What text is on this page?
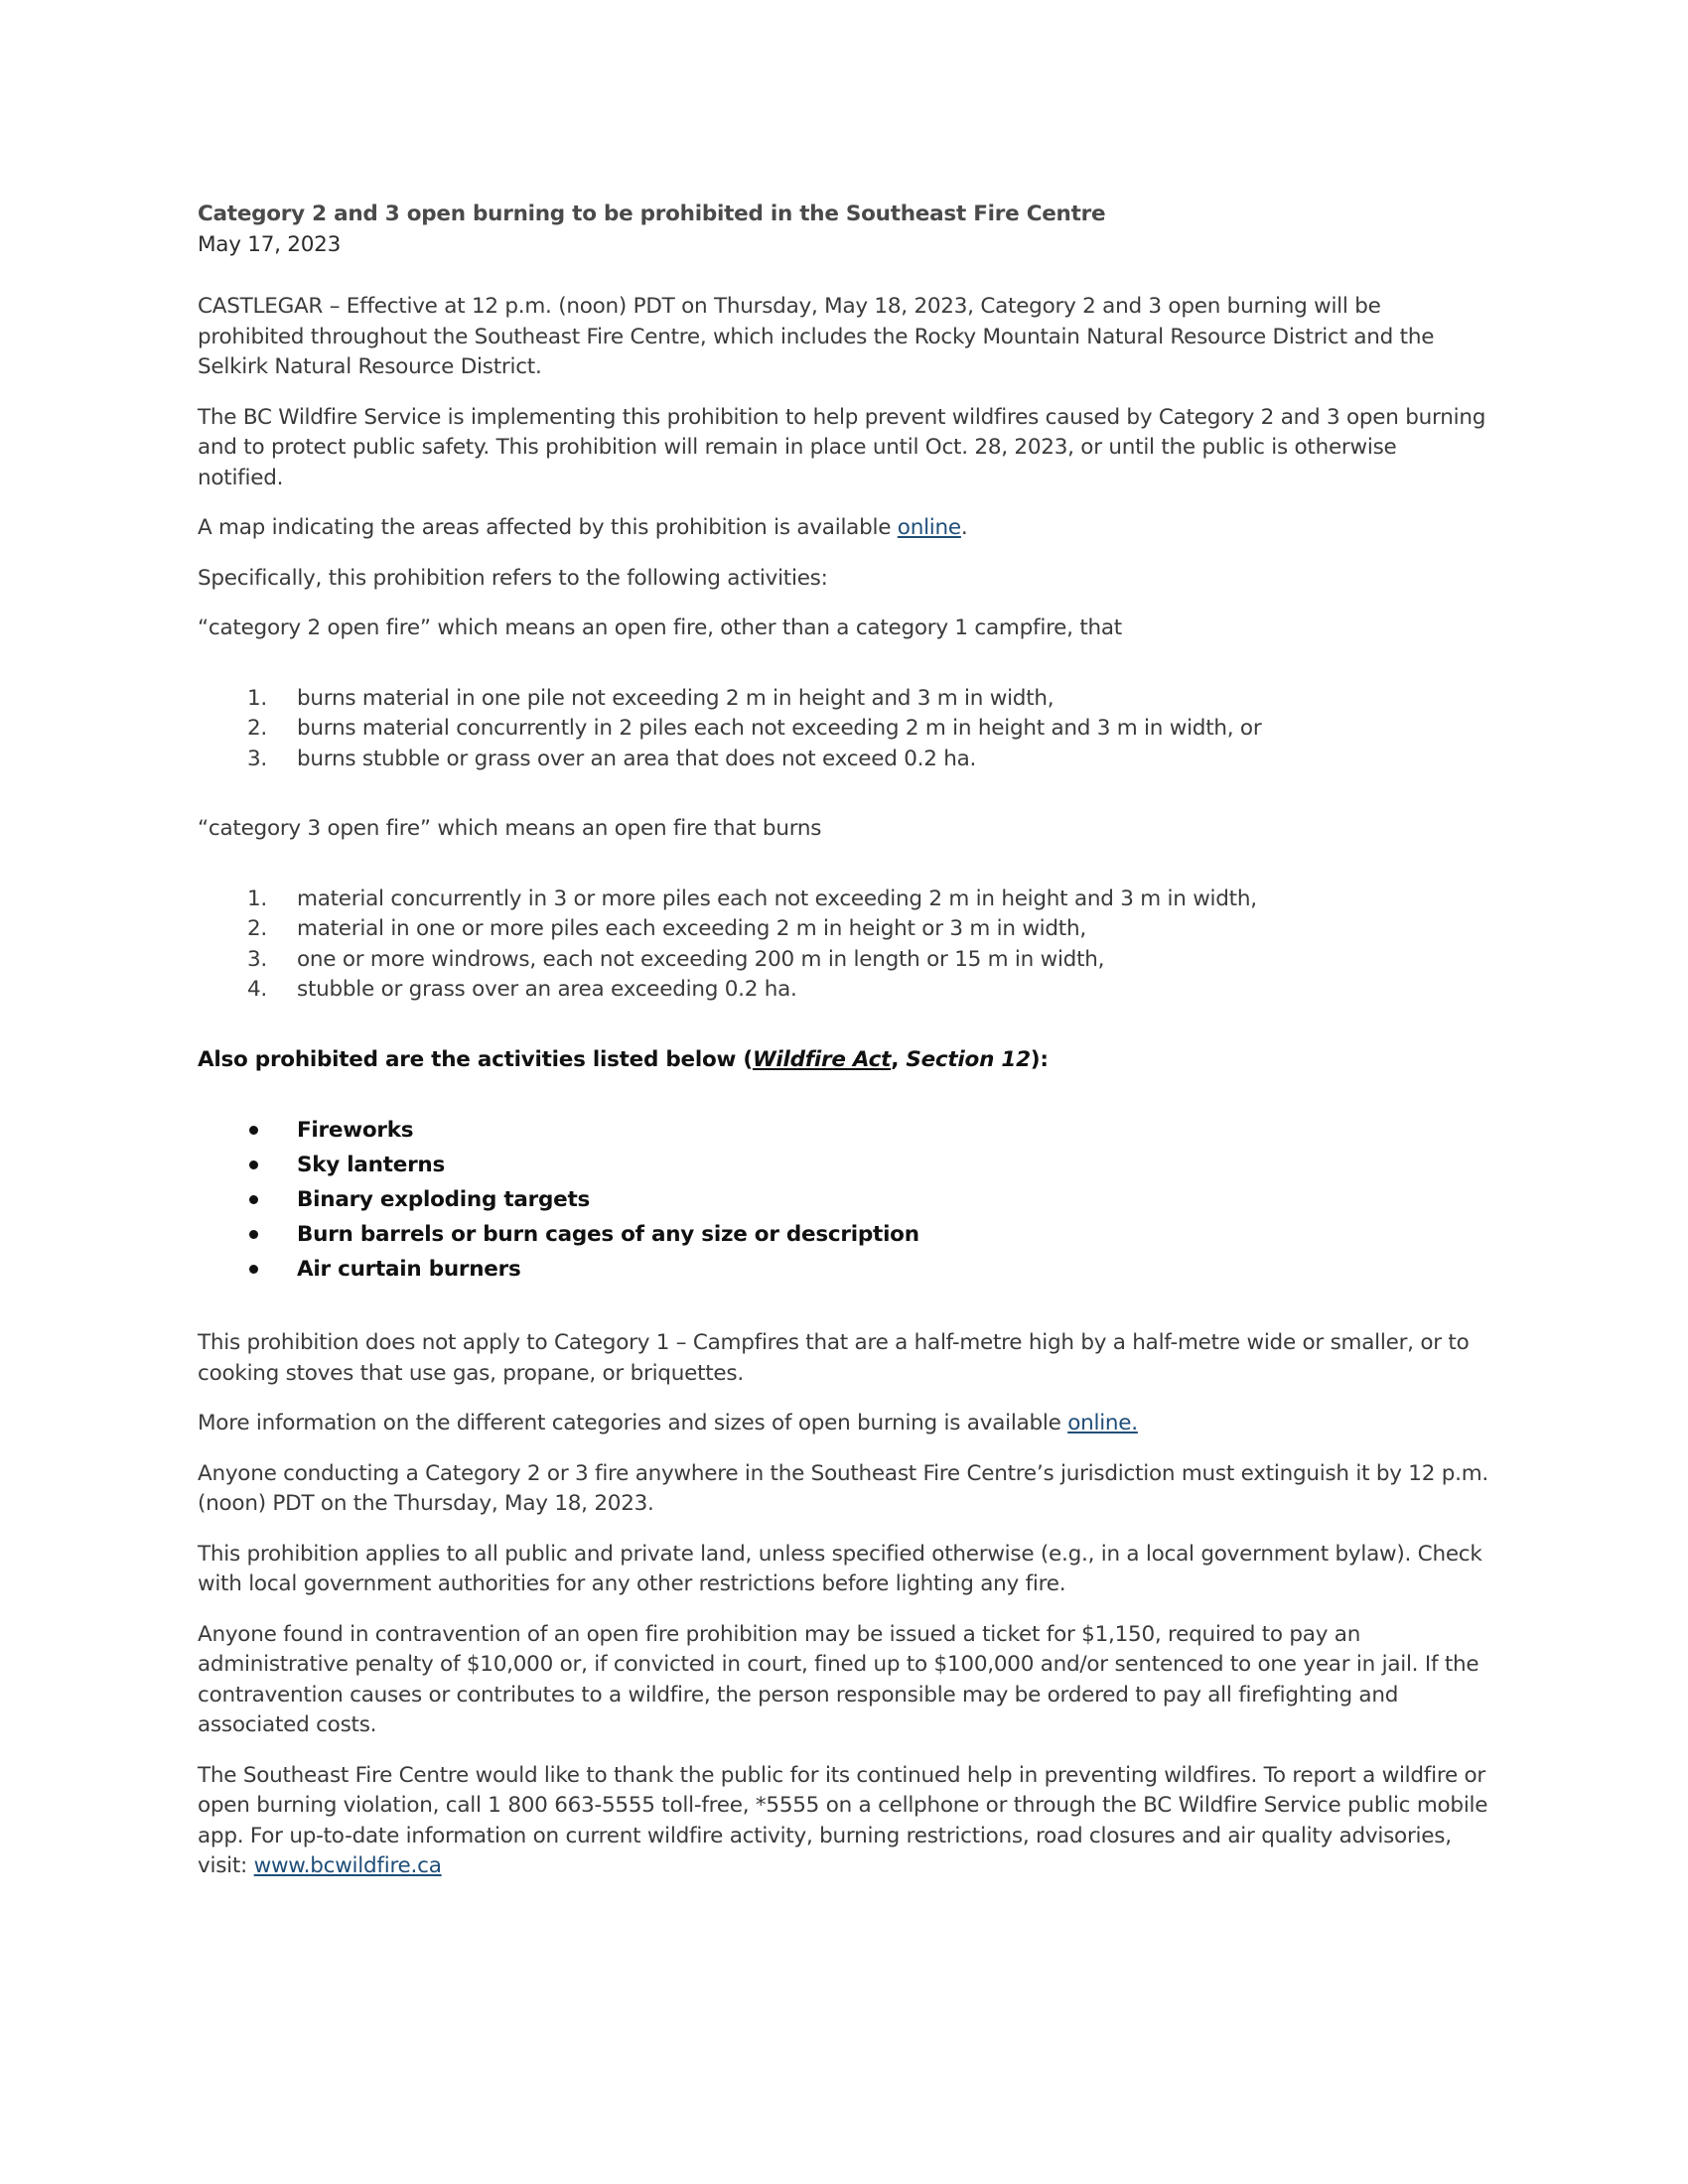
Category 2 and 3 open burning to be prohibited in the Southeast Fire Centre

May 17, 2023

CASTLEGAR – Effective at 12 p.m. (noon) PDT on Thursday, May 18, 2023, Category 2 and 3 open burning will be prohibited throughout the Southeast Fire Centre, which includes the Rocky Mountain Natural Resource District and the Selkirk Natural Resource District.

The BC Wildfire Service is implementing this prohibition to help prevent wildfires caused by Category 2 and 3 open burning and to protect public safety. This prohibition will remain in place until Oct. 28, 2023, or until the public is otherwise notified.

A map indicating the areas affected by this prohibition is available online.

Specifically, this prohibition refers to the following activities:

“category 2 open fire” which means an open fire, other than a category 1 campfire, that

1. burns material in one pile not exceeding 2 m in height and 3 m in width,
2. burns material concurrently in 2 piles each not exceeding 2 m in height and 3 m in width, or
3. burns stubble or grass over an area that does not exceed 0.2 ha.

“category 3 open fire” which means an open fire that burns

1. material concurrently in 3 or more piles each not exceeding 2 m in height and 3 m in width,
2. material in one or more piles each exceeding 2 m in height or 3 m in width,
3. one or more windrows, each not exceeding 200 m in length or 15 m in width,
4. stubble or grass over an area exceeding 0.2 ha.

Also prohibited are the activities listed below (Wildfire Act, Section 12):

Fireworks
Sky lanterns
Binary exploding targets
Burn barrels or burn cages of any size or description
Air curtain burners

This prohibition does not apply to Category 1 – Campfires that are a half-metre high by a half-metre wide or smaller, or to cooking stoves that use gas, propane, or briquettes.

More information on the different categories and sizes of open burning is available online.

Anyone conducting a Category 2 or 3 fire anywhere in the Southeast Fire Centre’s jurisdiction must extinguish it by 12 p.m. (noon) PDT on the Thursday, May 18, 2023.

This prohibition applies to all public and private land, unless specified otherwise (e.g., in a local government bylaw). Check with local government authorities for any other restrictions before lighting any fire.

Anyone found in contravention of an open fire prohibition may be issued a ticket for $1,150, required to pay an administrative penalty of $10,000 or, if convicted in court, fined up to $100,000 and/or sentenced to one year in jail. If the contravention causes or contributes to a wildfire, the person responsible may be ordered to pay all firefighting and associated costs.

The Southeast Fire Centre would like to thank the public for its continued help in preventing wildfires. To report a wildfire or open burning violation, call 1 800 663-5555 toll-free, *5555 on a cellphone or through the BC Wildfire Service public mobile app. For up-to-date information on current wildfire activity, burning restrictions, road closures and air quality advisories, visit: www.bcwildfire.ca
